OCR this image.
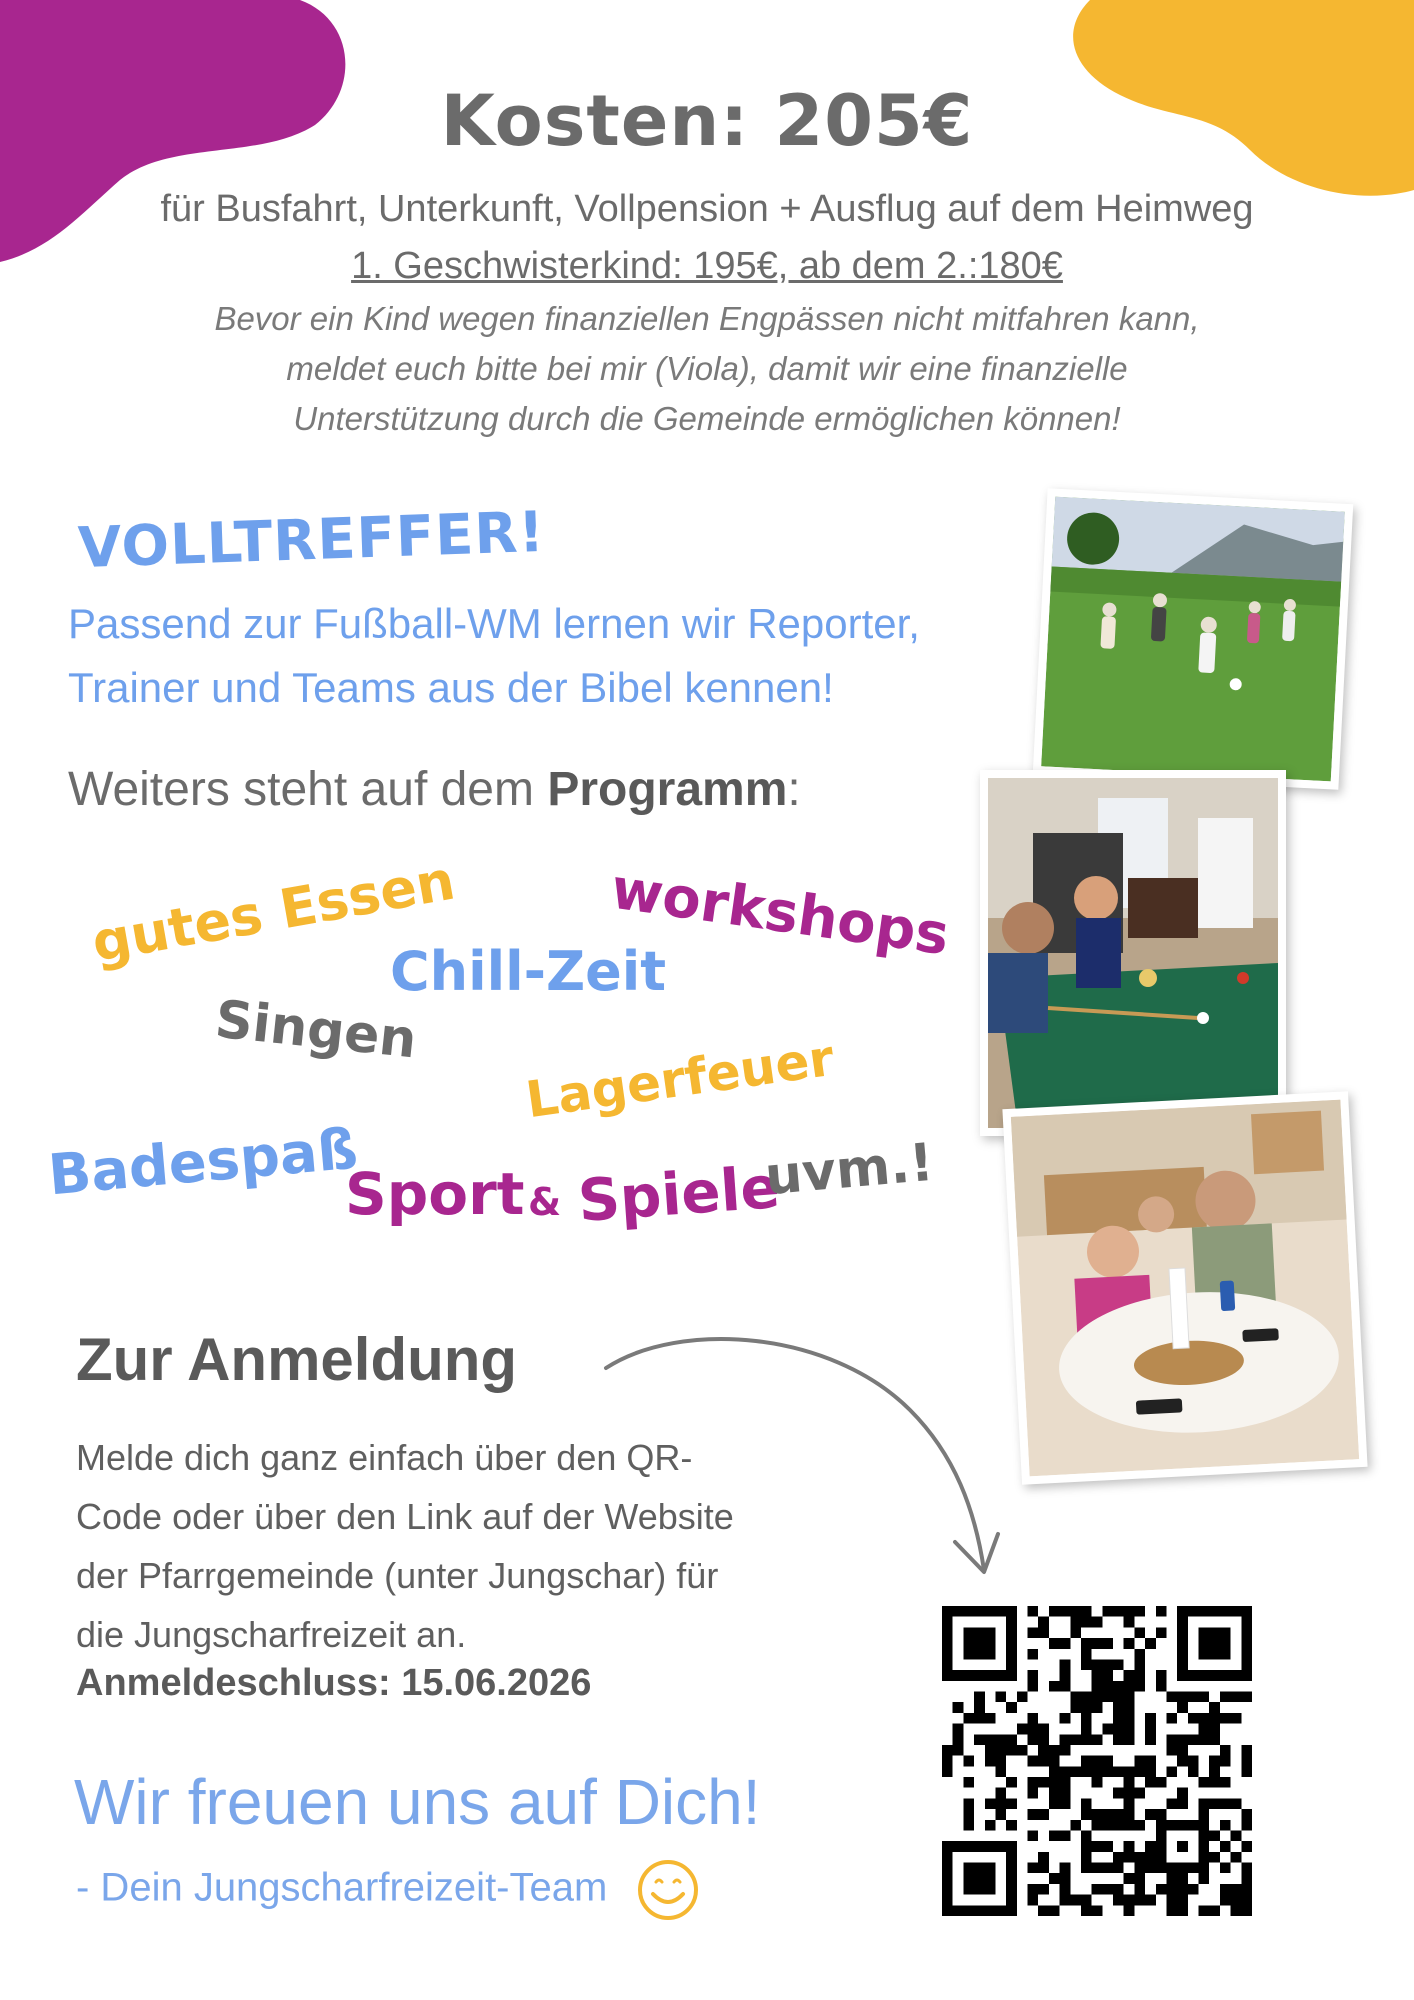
Kosten: 205€
für Busfahrt, Unterkunft, Vollpension + Ausflug auf dem Heimweg
1. Geschwisterkind: 195€, ab dem 2.:180€
Bevor ein Kind wegen finanziellen Engpässen nicht mitfahren kann,
meldet euch bitte bei mir (Viola), damit wir eine finanzielle
Unterstützung durch die Gemeinde ermöglichen können!
VOLLTREFFER!
Passend zur Fußball-WM lernen wir Reporter,
Trainer und Teams aus der Bibel kennen!
Weiters steht auf dem Programm:
gutes Essen	workshops
Chill-Zeit
Singen Lagerfeuer
Badespaß
Sport & Spiele
uvm.!
Zur Anmeldung
Melde dich ganz einfach über den QR-
Code oder über den Link auf der Website
der Pfarrgemeinde (unter Jungschar) für
die Jungscharfreizeit an.
Anmeldeschluss: 15.06.2026
Wir freuen uns auf Dich!
- Dein Jungscharfreizeit-Team
